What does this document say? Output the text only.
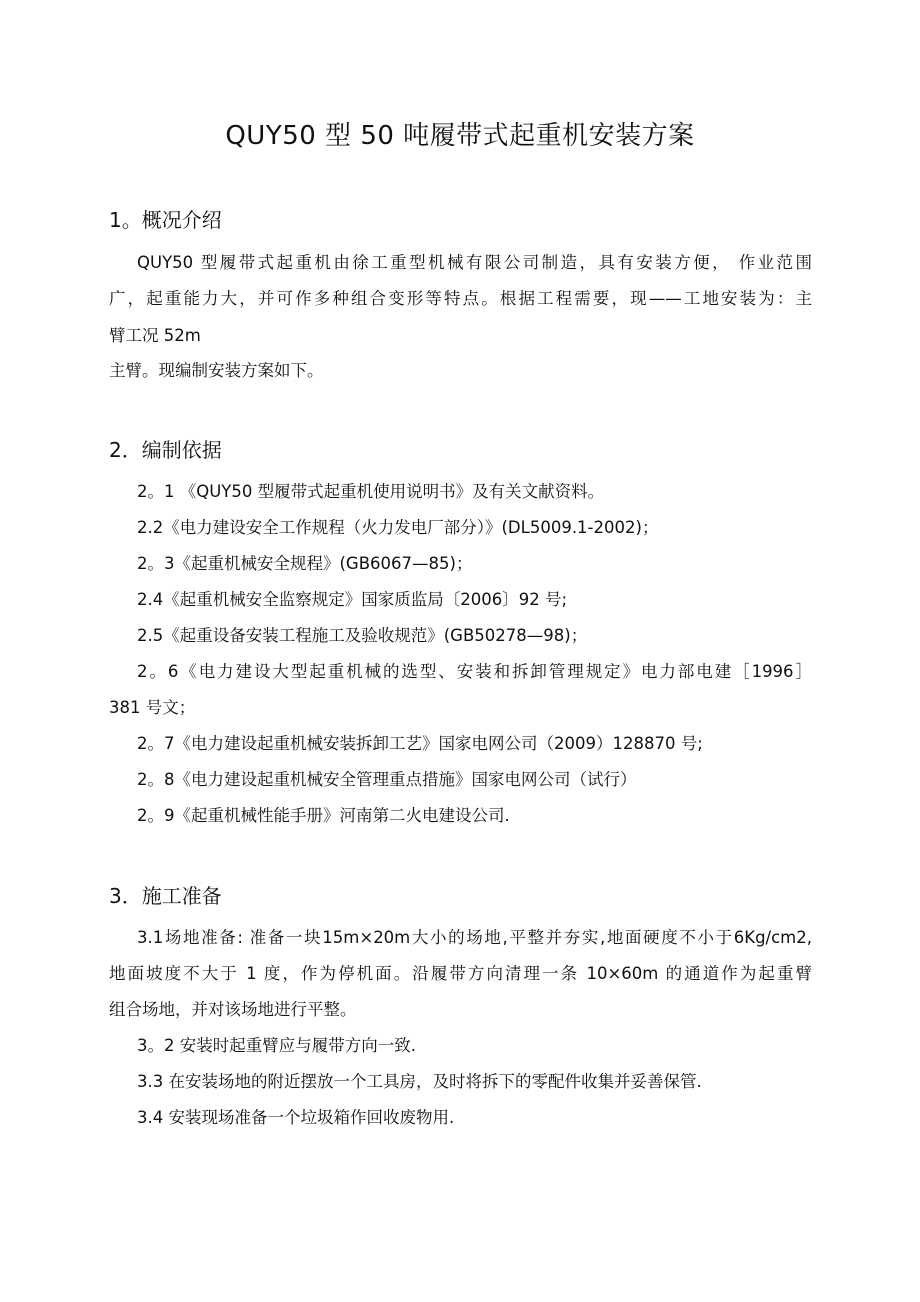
QUY50 型 50 吨履带式起重机安装方案
1。概况介绍
QUY50 型履带式起重机由徐工重型机械有限公司制造，具有安装方便， 作业范围
广，起重能力大，并可作多种组合变形等特点。根据工程需要，现——工地安装为：主
臂工况 52m
主臂。现编制安装方案如下。
2．编制依据
2。1 《QUY50 型履带式起重机使用说明书》及有关文献资料。
2.2《电力建设安全工作规程（火力发电厂部分）》(DL5009.1-2002)；
2。3《起重机械安全规程》(GB6067—85)；
2.4《起重机械安全监察规定》国家质监局〔2006〕92 号;
2.5《起重设备安装工程施工及验收规范》(GB50278—98)；
2。6《电力建设大型起重机械的选型、安装和拆卸管理规定》电力部电建［1996］
381 号文；
2。7《电力建设起重机械安装拆卸工艺》国家电网公司（2009）128870 号;
2。8《电力建设起重机械安全管理重点措施》国家电网公司（试行）
2。9《起重机械性能手册》河南第二火电建设公司.
3．施工准备
3.1场地准备: 准备一块15m×20m大小的场地,平整并夯实,地面硬度不小于6Kg/cm2,
地面坡度不大于 1 度，作为停机面。沿履带方向清理一条 10×60m 的通道作为起重臂
组合场地，并对该场地进行平整。
3。2 安装时起重臂应与履带方向一致.
3.3 在安装场地的附近摆放一个工具房，及时将拆下的零配件收集并妥善保管.
3.4 安装现场准备一个垃圾箱作回收废物用.
